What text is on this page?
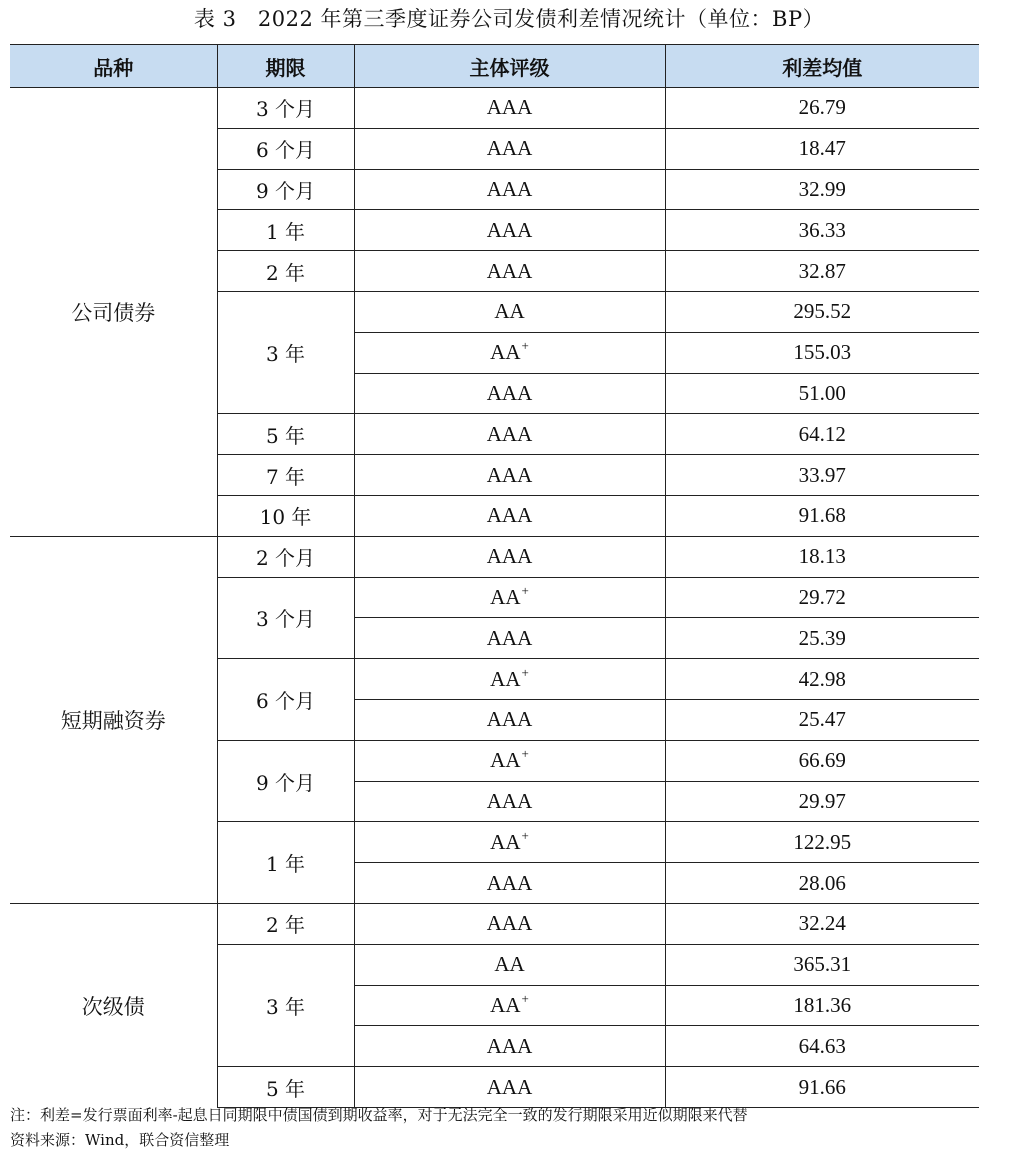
表 3　2022 年第三季度证券公司发债利差情况统计（单位：BP）
品种	期限	主体评级	利差均值
公司债券	3 个月	AAA	26.79
	6 个月	AAA	18.47
	9 个月	AAA	32.99
	1 年	AAA	36.33
	2 年	AAA	32.87
	3 年	AA	295.52
		AA+	155.03
		AAA	51.00
	5 年	AAA	64.12
	7 年	AAA	33.97
	10 年	AAA	91.68
短期融资券	2 个月	AAA	18.13
	3 个月	AA+	29.72
		AAA	25.39
	6 个月	AA+	42.98
		AAA	25.47
	9 个月	AA+	66.69
		AAA	29.97
	1 年	AA+	122.95
		AAA	28.06
次级债	2 年	AAA	32.24
	3 年	AA	365.31
		AA+	181.36
		AAA	64.63
	5 年	AAA	91.66
注：利差=发行票面利率-起息日同期限中债国债到期收益率，对于无法完全一致的发行期限采用近似期限来代替
资料来源：Wind，联合资信整理
